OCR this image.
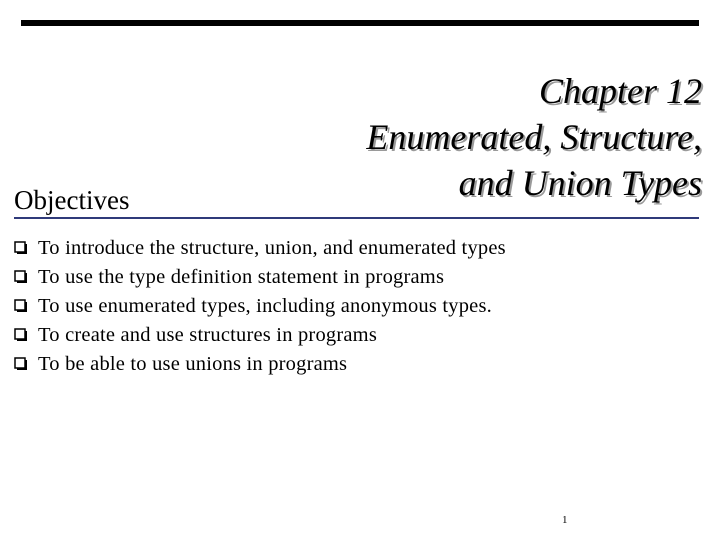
Chapter 12
Enumerated, Structure,
and Union Types
Objectives
To introduce the structure, union, and enumerated types
To use the type definition statement in programs
To use enumerated types, including anonymous types.
To create and use structures in programs
To be able to use unions in programs
1
